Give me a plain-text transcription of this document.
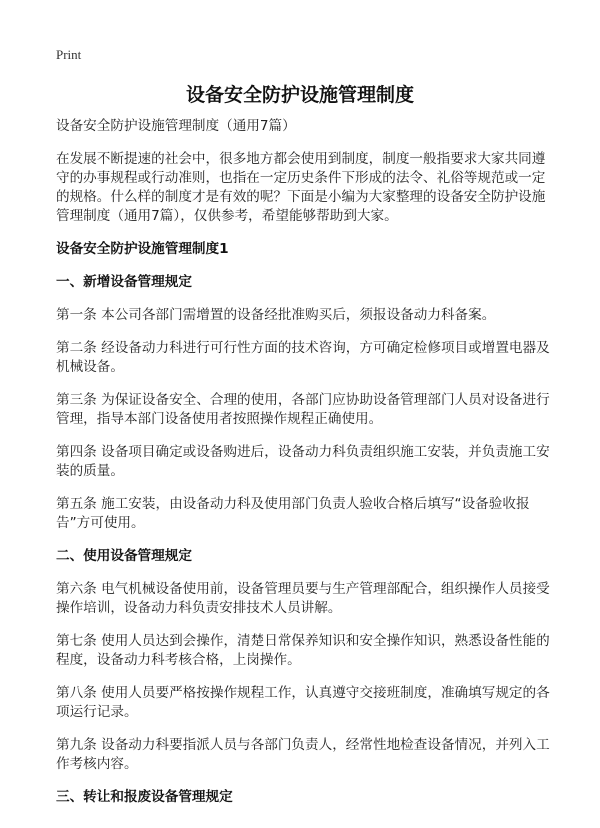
Print
设备安全防护设施管理制度

设备安全防护设施管理制度（通用7篇）

在发展不断提速的社会中，很多地方都会使用到制度，制度一般指要求大家共同遵守的办事规程或行动准则，也指在一定历史条件下形成的法令、礼俗等规范或一定的规格。什么样的制度才是有效的呢？下面是小编为大家整理的设备安全防护设施管理制度（通用7篇），仅供参考，希望能够帮助到大家。

设备安全防护设施管理制度1

一、新增设备管理规定

第一条 本公司各部门需增置的设备经批准购买后，须报设备动力科备案。

第二条 经设备动力科进行可行性方面的技术咨询，方可确定检修项目或增置电器及机械设备。

第三条 为保证设备安全、合理的使用，各部门应协助设备管理部门人员对设备进行管理，指导本部门设备使用者按照操作规程正确使用。

第四条 设备项目确定或设备购进后，设备动力科负责组织施工安装，并负责施工安装的质量。

第五条 施工安装，由设备动力科及使用部门负责人验收合格后填写“设备验收报告”方可使用。

二、使用设备管理规定

第六条 电气机械设备使用前，设备管理员要与生产管理部配合，组织操作人员接受操作培训，设备动力科负责安排技术人员讲解。

第七条 使用人员达到会操作，清楚日常保养知识和安全操作知识，熟悉设备性能的程度，设备动力科考核合格，上岗操作。

第八条 使用人员要严格按操作规程工作，认真遵守交接班制度，准确填写规定的各项运行记录。

第九条 设备动力科要指派人员与各部门负责人，经常性地检查设备情况，并列入工作考核内容。

三、转让和报废设备管理规定
